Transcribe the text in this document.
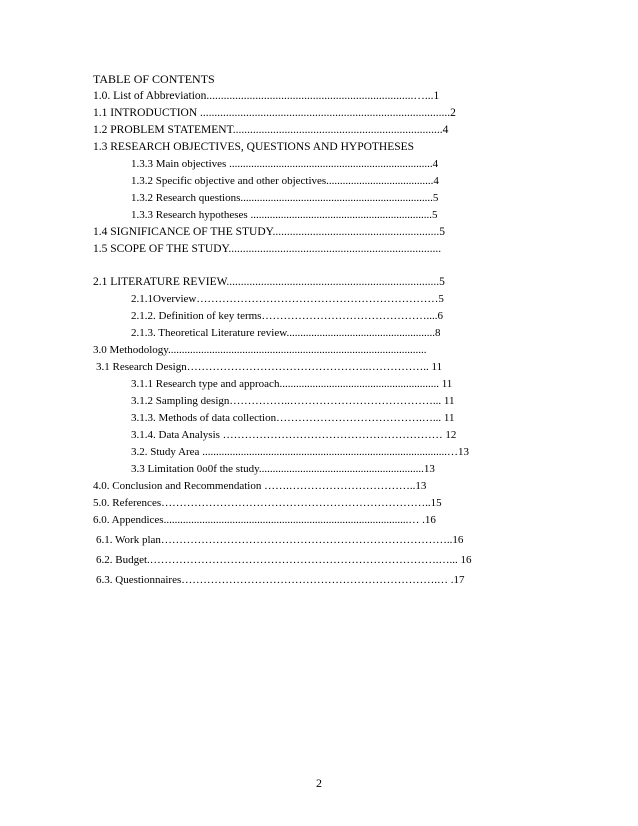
TABLE OF CONTENTS
1.0. List of Abbreviation........................................................................…...1
1.1 INTRODUCTION .......................................................................................2
1.2 PROBLEM STATEMENT.........................................................................4
1.3 RESEARCH OBJECTIVES, QUESTIONS AND HYPOTHESES
1.3.3 Main objectives ..........................................................................4
1.3.2 Specific objective and other objectives.......................................4
1.3.2 Research questions......................................................................5
1.3.3 Research hypotheses ..................................................................5
1.4 SIGNIFICANCE OF THE STUDY..........................................................5
1.5 SCOPE OF THE STUDY..........................................................................
2.1 LITERATURE REVIEW..........................................................................5
2.1.1Overview…………………………………………………………5
2.1.2. Definition of key terms………………………………………....6
2.1.3. Theoretical Literature review......................................................8
3.0 Methodology..............................................................................................
3.1 Research Design…………………………………………..…………….. 11
3.1.1 Research type and approach.......................................................... 11
3.1.2 Sampling design……………..…………………………………... 11
3.1.3. Methods of data collection………………………………….…... 11
3.1.4. Data Analysis …………………………………………………… 12
3.2. Study Area .........................................................................................…13
3.3 Limitation 0o0f the study............................................................13
4.0. Conclusion and Recommendation …….……………………………..13
5.0. References………………………………………………………………..15
6.0. Appendices.........................................................................................… .16
6.1. Work plan……………………………………………………………………..16
6.2. Budget.…………………………………………………………………….…... 16
6.3. Questionnaires…………………………………………………………….… .17
2
